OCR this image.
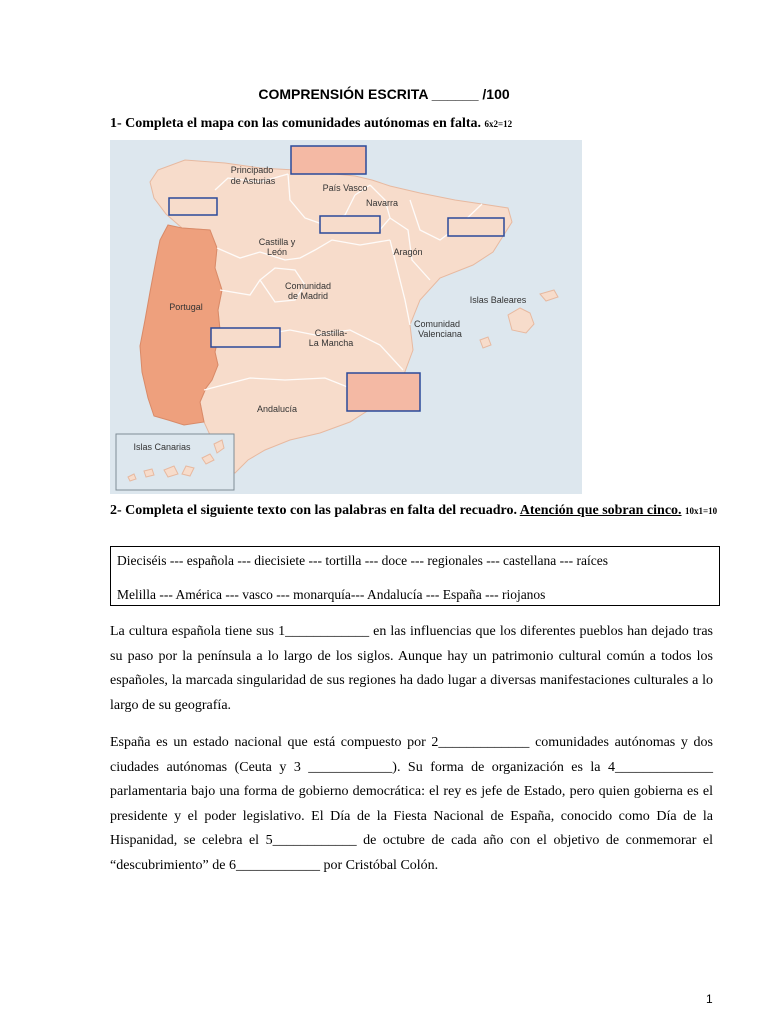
COMPRENSIÓN ESCRITA ______ /100
1- Completa el mapa con las comunidades autónomas en falta. 6x2=12
Principado
de Asturias
País Vasco
Navarra
Castilla y
León	Aragón
Comunidad
de Madrid
Portugal
Islas Baleares
Comunidad
Valenciana
Castilla-
La Mancha
Andalucía
Islas Canarias
2- Completa el siguiente texto con las palabras en falta del recuadro. Atención que sobran cinco. 10x1=10
Dieciséis --- española --- diecisiete --- tortilla --- doce --- regionales --- castellana --- raíces
Melilla --- América --- vasco --- monarquía--- Andalucía --- España --- riojanos

La cultura española tiene sus 1____________ en las influencias que los diferentes pueblos han dejado tras su paso por la península a lo largo de los siglos. Aunque hay un patrimonio cultural común a todos los españoles, la marcada singularidad de sus regiones ha dado lugar a diversas manifestaciones culturales a lo largo de su geografía.

España es un estado nacional que está compuesto por 2_____________ comunidades autónomas y dos ciudades autónomas (Ceuta y 3 ____________). Su forma de organización es la 4______________ parlamentaria bajo una forma de gobierno democrática: el rey es jefe de Estado, pero quien gobierna es el presidente y el poder legislativo. El Día de la Fiesta Nacional de España, conocido como Día de la Hispanidad, se celebra el 5____________ de octubre de cada año con el objetivo de conmemorar el “descubrimiento” de 6____________ por Cristóbal Colón.

1
